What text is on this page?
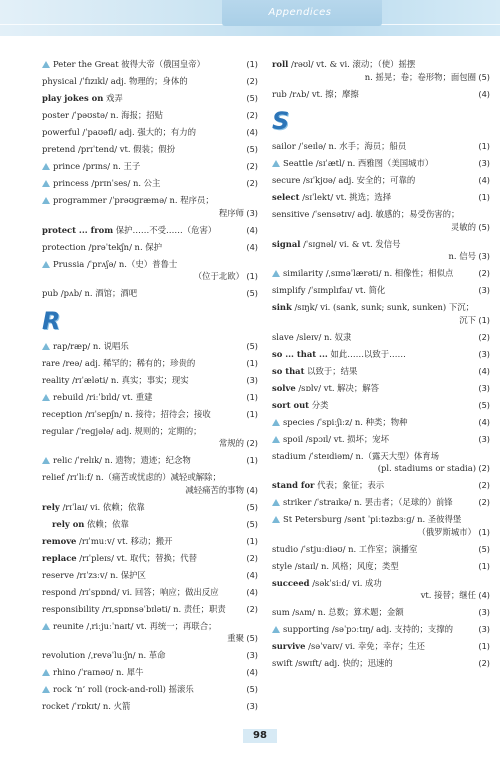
Appendices
Peter the Great 彼得大帝（俄国皇帝）	(1)
physical /ˈfɪzɪkl/ adj. 物理的；身体的	(2)
play jokes on 戏弄	(5)
poster /ˈpəʊstə/ n. 海报；招贴	(2)
powerful /ˈpaʊəfl/ adj. 强大的；有力的	(4)
pretend /prɪˈtend/ vt. 假装；假扮	(5)
prince /prɪns/ n. 王子	(2)
princess /prɪnˈses/ n. 公主	(2)
programmer /ˈprəʊɡræmə/ n. 程序员；
程序师 (3)
protect ... from 保护……不受……（危害）	(4)
protection /prəˈtekʃn/ n. 保护	(4)
Prussia /ˈprʌʃə/ n.（史）普鲁士
（位于北欧） (1)
pub /pʌb/ n. 酒馆；酒吧	(5)
R
rap/ræp/ n. 说唱乐	(5)
rare /reə/ adj. 稀罕的；稀有的；珍贵的	(1)
reality /rɪˈæləti/ n. 真实；事实；现实	(3)
rebuild /riːˈbɪld/ vt. 重建	(1)
reception /rɪˈsepʃn/ n. 接待；招待会；接收	(1)
regular /ˈreɡjələ/ adj. 规则的；定期的；
常规的 (2)
relic /ˈrelɪk/ n. 遗物；遗迹；纪念物	(1)
relief /rɪˈliːf/ n.（痛苦或忧虑的）减轻或解除；
减轻痛苦的事物 (4)
rely /rɪˈlaɪ/ vi. 依赖；依靠	(5)
rely on 依赖；依靠	(5)
remove /rɪˈmuːv/ vt. 移动；搬开	(1)
replace /rɪˈpleɪs/ vt. 取代；替换；代替	(2)
reserve /rɪˈzɜːv/ n. 保护区	(4)
respond /rɪˈspɒnd/ vi. 回答；响应；做出反应	(4)
responsibility /rɪˌspɒnsəˈbɪləti/ n. 责任；职责	(2)
reunite /ˌriːjuːˈnaɪt/ vt. 再统一；再联合；
重聚 (5)
revolution /ˌrevəˈluːʃn/ n. 革命	(3)
rhino /ˈraɪnəʊ/ n. 犀牛	(4)
rock ’n’ roll (rock-and-roll) 摇滚乐	(5)
rocket /ˈrɒkɪt/ n. 火箭	(3)
roll /rəʊl/ vt. & vi. 滚动；（使）摇摆
n. 摇晃；卷；卷形物；面包圈 (5)
rub /rʌb/ vt. 擦；摩擦	(4)
S
sailor /ˈseɪlə/ n. 水手；海员；船员	(1)
Seattle /sɪˈætl/ n. 西雅图（美国城市）	(3)
secure /sɪˈkjʊə/ adj. 安全的；可靠的	(4)
select /sɪˈlekt/ vt. 挑选；选择	(1)
sensitive /ˈsensətɪv/ adj. 敏感的；易受伤害的；
灵敏的 (5)
signal /ˈsɪɡnəl/ vi. & vt. 发信号
n. 信号 (3)
similarity /ˌsɪməˈlærəti/ n. 相像性；相似点	(2)
simplify /ˈsɪmplɪfaɪ/ vt. 简化	(3)
sink /sɪŋk/ vi. (sank, sunk; sunk, sunken) 下沉；
沉下 (1)
slave /sleɪv/ n. 奴隶	(2)
so ... that ... 如此……以致于……	(3)
so that 以致于；结果	(4)
solve /sɒlv/ vt. 解决；解答	(3)
sort out 分类	(5)
species /ˈspiːʃiːz/ n. 种类；物种	(4)
spoil /spɔɪl/ vt. 损坏；宠坏	(3)
stadium /ˈsteɪdiəm/ n.（露天大型）体育场
(pl. stadiums or stadia) (2)
stand for 代表；象征；表示	(2)
striker /ˈstraɪkə/ n. 罢击者；（足球的）前锋	(2)
St Petersburg /sənt ˈpiːtəzbɜːɡ/ n. 圣彼得堡
（俄罗斯城市） (1)
studio /ˈstjuːdiəʊ/ n. 工作室；演播室	(5)
style /staɪl/ n. 风格；风度；类型	(1)
succeed /səkˈsiːd/ vi. 成功
vt. 接替；继任 (4)
sum /sʌm/ n. 总数；算术题；金额	(3)
supporting /səˈpɔːtɪŋ/ adj. 支持的；支撑的	(3)
survive /səˈvaɪv/ vi. 幸免；幸存；生还	(1)
swift /swɪft/ adj. 快的；迅速的	(2)
98
